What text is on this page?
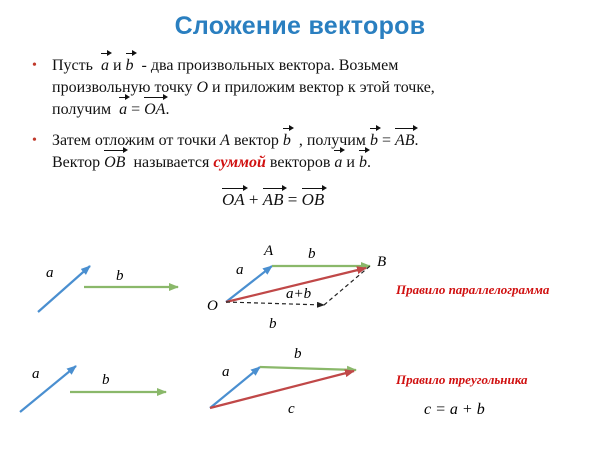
Сложение векторов
• Пусть a и b - два произвольных вектора. Возьмем
произвольную точку O и приложим вектор к этой точке,
получим a = OA.
• Затем отложим от точки A вектор b , получим b = AB.
Вектор OB называется суммой векторов a и b.
OA + AB = OB
a	b	a
A b	B
O
a+b
b
Правило параллелограмма
a	b	a
b
c
Правило треугольника
c = a + b
